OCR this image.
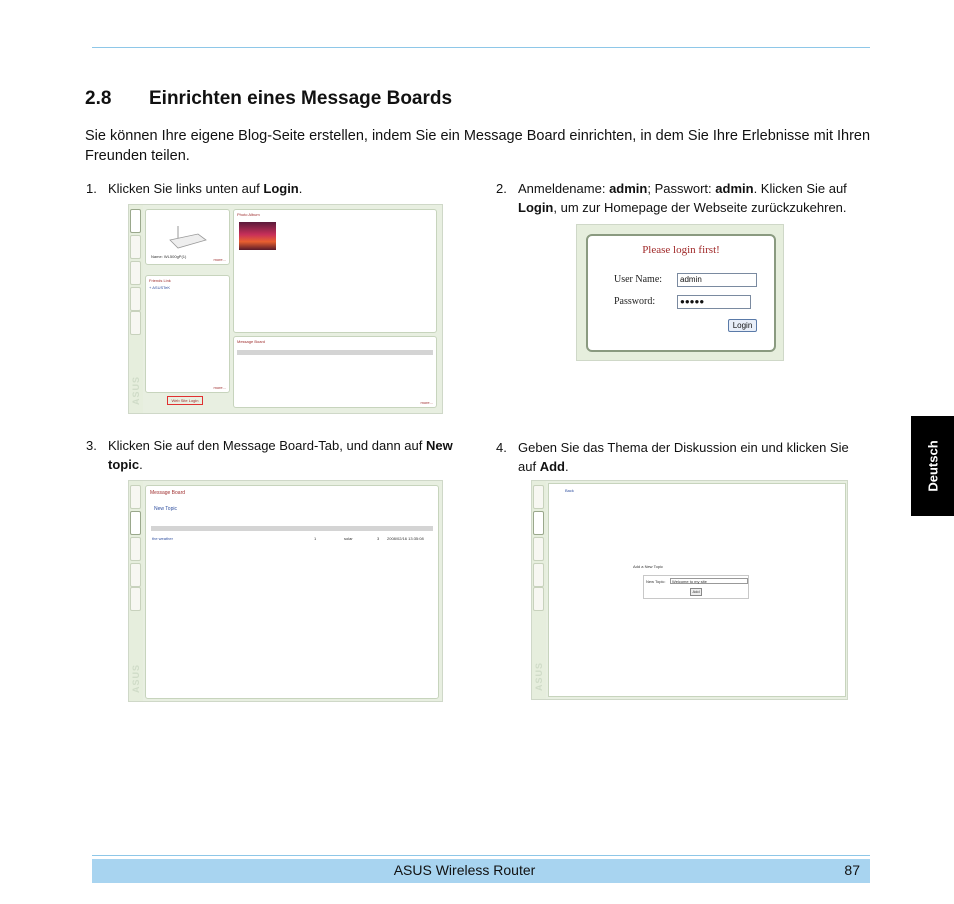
2.8 Einrichten eines Message Boards

Sie können Ihre eigene Blog-Seite erstellen, indem Sie ein Message Board einrichten, in dem Sie Ihre Erlebnisse mit Ihren Freunden teilen.

1. Klicken Sie links unten auf Login.	2. Anmeldename: admin; Passwort: admin. Klicken Sie auf Login, um zur Homepage der Webseite zurückzukehren.
ASUS
Name: WL500gP(1)
more...
Photo Album
Friends Link
+ ASUSTeK
more...
Message Board
more...
Web Site Login
Please login first!
User Name:	admin
Password:	●●●●●
Login
3. Klicken Sie auf den Message Board-Tab, und dann auf New topic.
4. Geben Sie das Thema der Diskussion ein und klicken Sie auf Add.
ASUS
Message Board
New Topic
the weather	1	solar	3 2008/02/16 13:35:08
ASUS
Back
Add a New Topic
New Topic:	Welcome to my site
Add
Deutsch
ASUS Wireless Router	87
